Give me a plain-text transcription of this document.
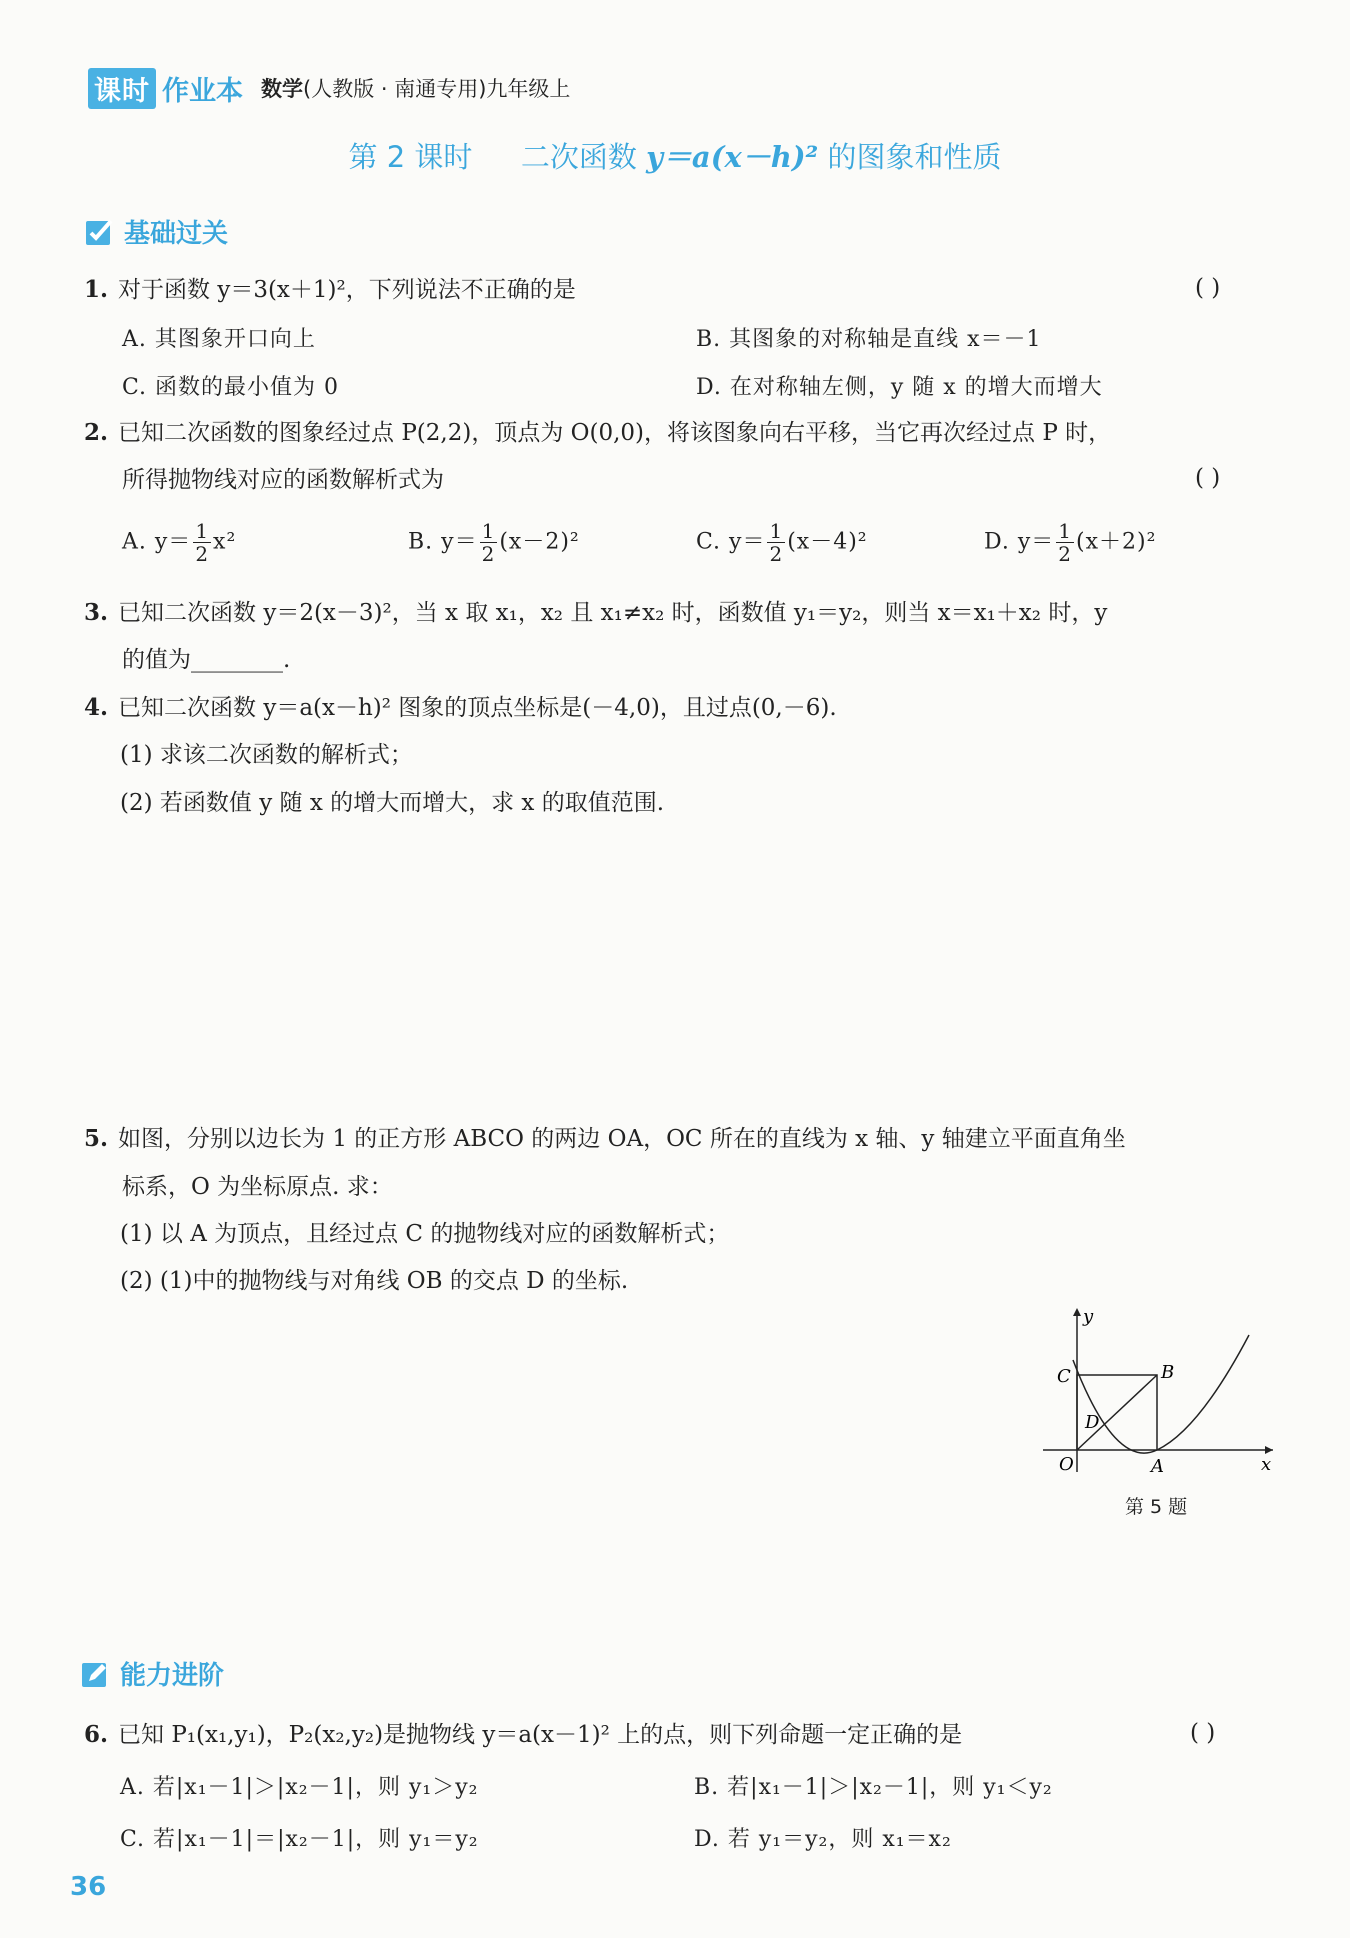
课时 作业本 数学(人教版 · 南通专用)九年级上
第 2 课时 二次函数 y＝a(x－h)² 的图象和性质
基础过关
1. 对于函数 y＝3(x＋1)²，下列说法不正确的是	( )
A. 其图象开口向上	B. 其图象的对称轴是直线 x＝－1
C. 函数的最小值为 0	D. 在对称轴左侧，y 随 x 的增大而增大
2. 已知二次函数的图象经过点 P(2,2)，顶点为 O(0,0)，将该图象向右平移，当它再次经过点 P 时，
所得抛物线对应的函数解析式为	( )
A. $y= \frac{1}{2} x^2$	B. $y= \frac{1}{2} (x-2)^2$	C. $y= \frac{1}{2} (x-4)^2$	D. $y= \frac{1}{2} (x+2)^2$
3. 已知二次函数 y＝2(x－3)²，当 x 取 x₁，x₂ 且 x₁≠x₂ 时，函数值 y₁＝y₂，则当 x＝x₁＋x₂ 时，y
的值为________.
4. 已知二次函数 y＝a(x－h)² 图象的顶点坐标是(－4,0)，且过点(0,－6).
(1) 求该二次函数的解析式；
(2) 若函数值 y 随 x 的增大而增大，求 x 的取值范围.
5. 如图，分别以边长为 1 的正方形 ABCO 的两边 OA，OC 所在的直线为 x 轴、y 轴建立平面直角坐
标系，O 为坐标原点. 求：
(1) 以 A 为顶点，且经过点 C 的抛物线对应的函数解析式；
(2) (1)中的抛物线与对角线 OB 的交点 D 的坐标.
y
x
O	A
B
C
D
第 5 题
能力进阶
6. 已知 P₁(x₁,y₁)，P₂(x₂,y₂)是抛物线 y＝a(x－1)² 上的点，则下列命题一定正确的是	( )
A. 若|x₁－1|＞|x₂－1|，则 y₁＞y₂	B. 若|x₁－1|＞|x₂－1|，则 y₁＜y₂
C. 若|x₁－1|＝|x₂－1|，则 y₁＝y₂	D. 若 y₁＝y₂，则 x₁＝x₂
36
